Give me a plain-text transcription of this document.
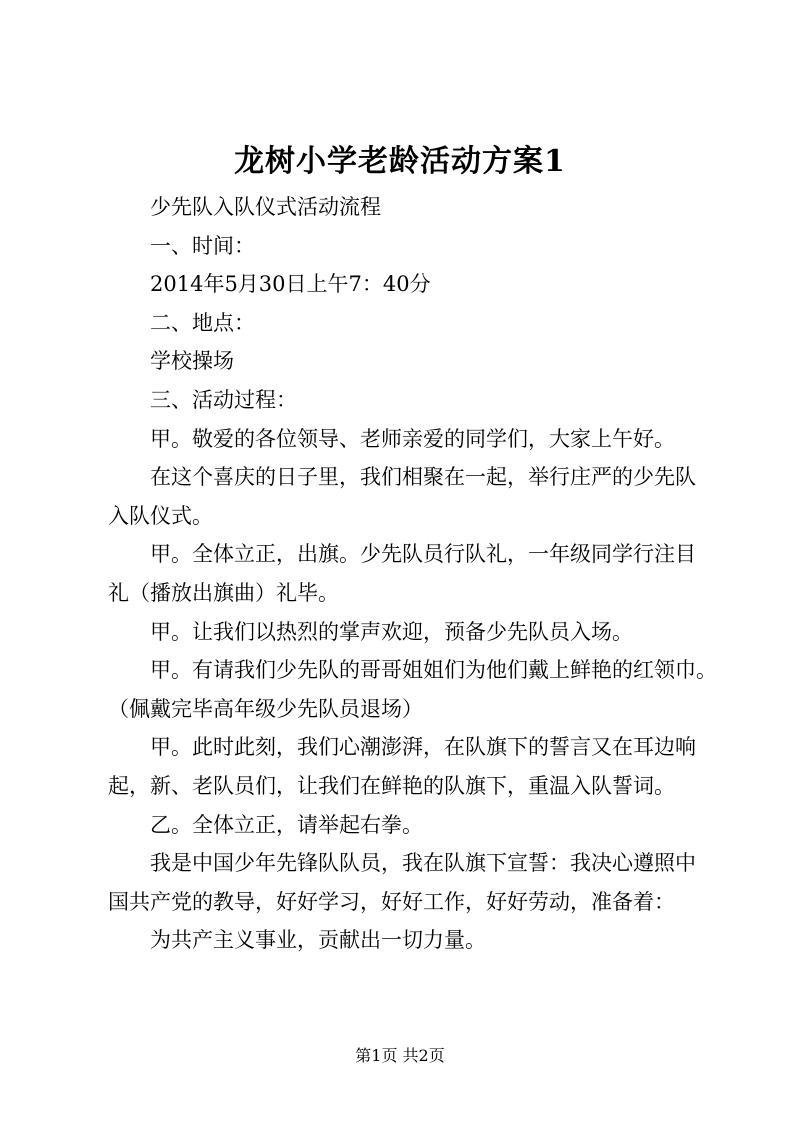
龙树小学老龄活动方案1

少先队入队仪式活动流程

一、时间：

2014年5月30日上午7：40分

二、地点：

学校操场

三、活动过程：

甲。敬爱的各位领导、老师亲爱的同学们，大家上午好。

在这个喜庆的日子里，我们相聚在一起，举行庄严的少先队

入队仪式。

甲。全体立正，出旗。少先队员行队礼，一年级同学行注目

礼（播放出旗曲）礼毕。

甲。让我们以热烈的掌声欢迎，预备少先队员入场。

甲。有请我们少先队的哥哥姐姐们为他们戴上鲜艳的红领巾。

（佩戴完毕高年级少先队员退场）

甲。此时此刻，我们心潮澎湃，在队旗下的誓言又在耳边响

起，新、老队员们，让我们在鲜艳的队旗下，重温入队誓词。

乙。全体立正，请举起右拳。

我是中国少年先锋队队员，我在队旗下宣誓：我决心遵照中

国共产党的教导，好好学习，好好工作，好好劳动，准备着：

为共产主义事业，贡献出一切力量。

第1页 共2页
